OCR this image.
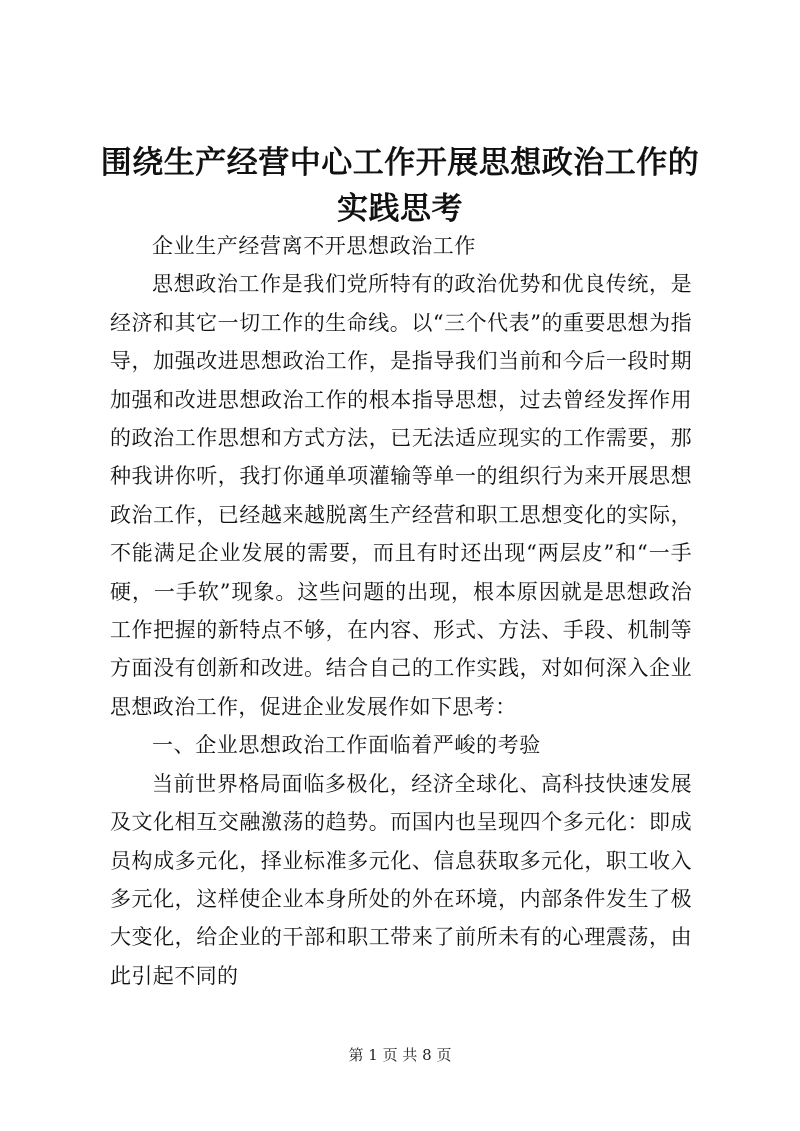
围绕生产经营中心工作开展思想政治工作的实践思考

企业生产经营离不开思想政治工作

思想政治工作是我们党所特有的政治优势和优良传统，是经济和其它一切工作的生命线。以“三个代表”的重要思想为指导，加强改进思想政治工作，是指导我们当前和今后一段时期加强和改进思想政治工作的根本指导思想，过去曾经发挥作用的政治工作思想和方式方法，已无法适应现实的工作需要，那种我讲你听，我打你通单项灌输等单一的组织行为来开展思想政治工作，已经越来越脱离生产经营和职工思想变化的实际，不能满足企业发展的需要，而且有时还出现“两层皮”和“一手硬，一手软”现象。这些问题的出现，根本原因就是思想政治工作把握的新特点不够，在内容、形式、方法、手段、机制等方面没有创新和改进。结合自己的工作实践，对如何深入企业思想政治工作，促进企业发展作如下思考：

一、企业思想政治工作面临着严峻的考验

当前世界格局面临多极化，经济全球化、高科技快速发展及文化相互交融激荡的趋势。而国内也呈现四个多元化：即成员构成多元化，择业标准多元化、信息获取多元化，职工收入多元化，这样使企业本身所处的外在环境，内部条件发生了极大变化，给企业的干部和职工带来了前所未有的心理震荡，由此引起不同的

第 1 页 共 8 页
